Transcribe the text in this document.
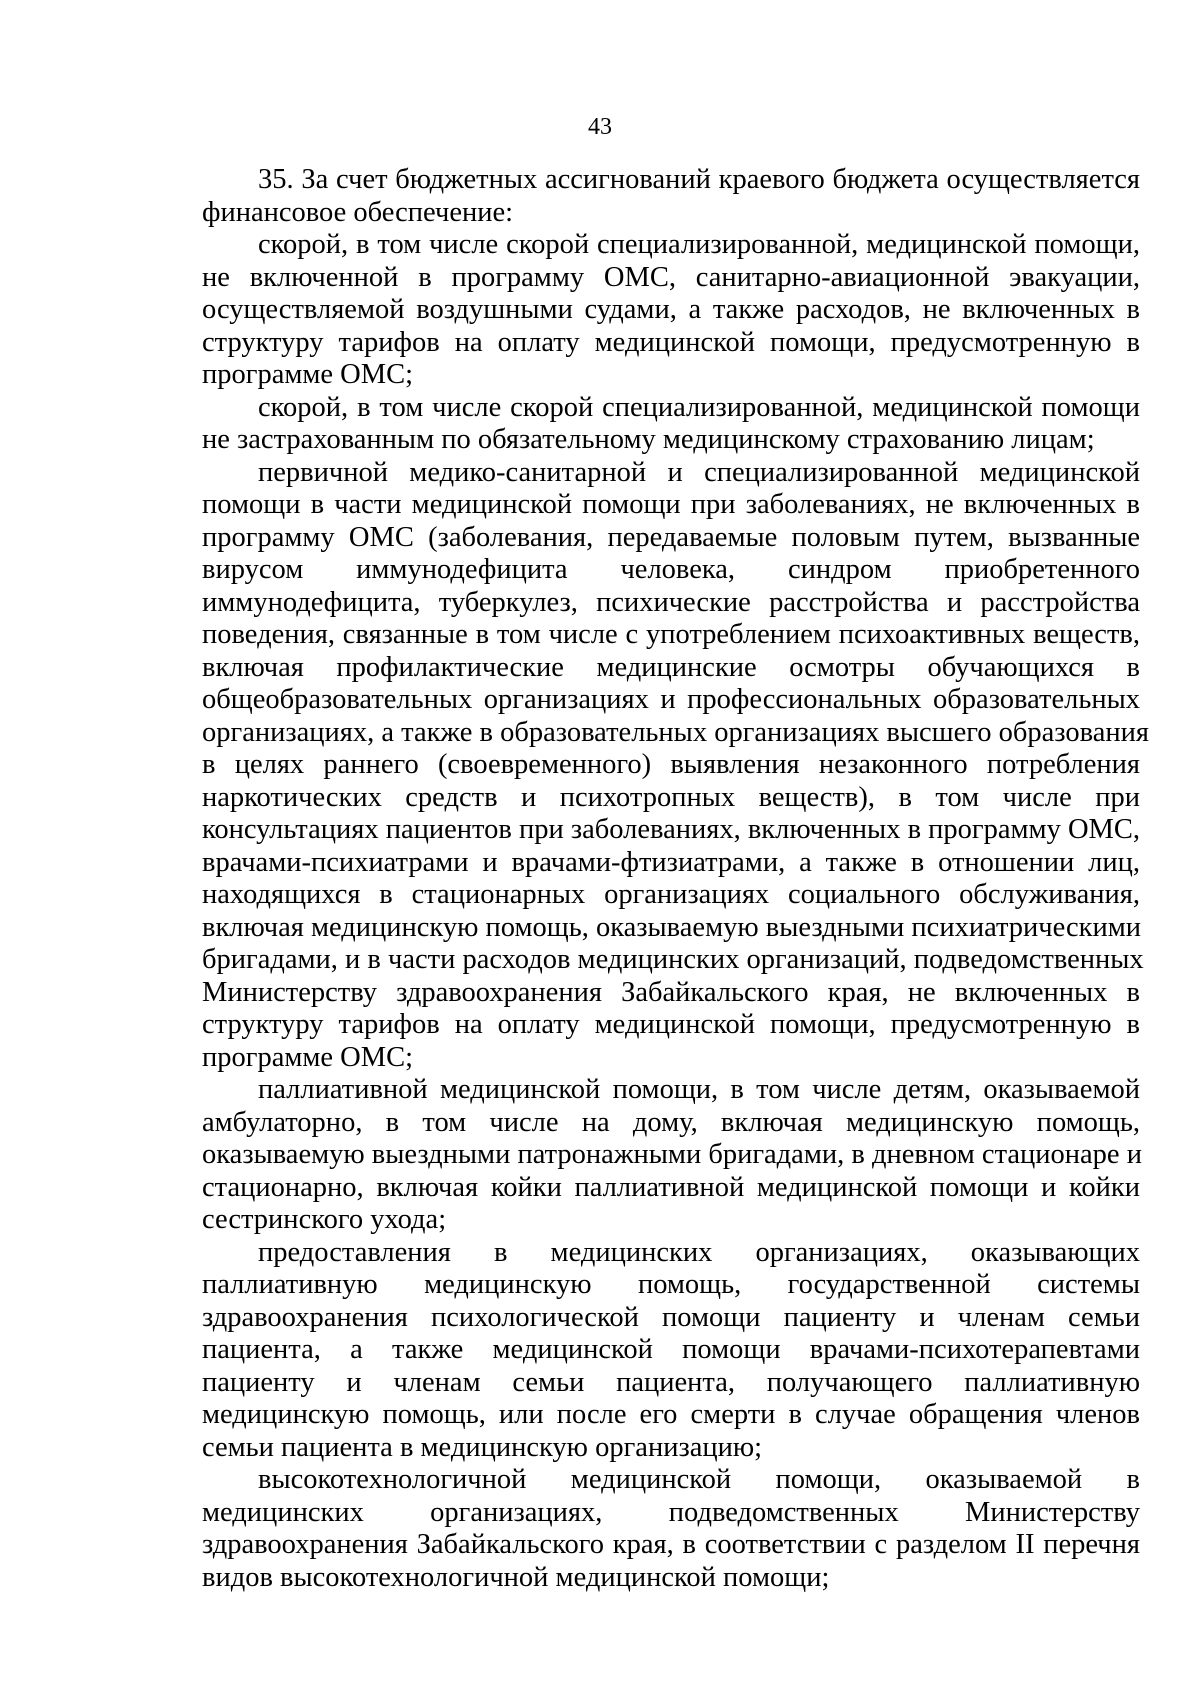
43
35. За счет бюджетных ассигнований краевого бюджета осуществляется
финансовое обеспечение:
скорой, в том числе скорой специализированной, медицинской помощи,
не включенной в программу ОМС, санитарно-авиационной эвакуации,
осуществляемой воздушными судами, а также расходов, не включенных в
структуру тарифов на оплату медицинской помощи, предусмотренную в
программе ОМС;
скорой, в том числе скорой специализированной, медицинской помощи
не застрахованным по обязательному медицинскому страхованию лицам;
первичной медико-санитарной и специализированной медицинской
помощи в части медицинской помощи при заболеваниях, не включенных в
программу ОМС (заболевания, передаваемые половым путем, вызванные
вирусом иммунодефицита человека, синдром приобретенного
иммунодефицита, туберкулез, психические расстройства и расстройства
поведения, связанные в том числе с употреблением психоактивных веществ,
включая профилактические медицинские осмотры обучающихся в
общеобразовательных организациях и профессиональных образовательных
организациях, а также в образовательных организациях высшего образования
в целях раннего (своевременного) выявления незаконного потребления
наркотических средств и психотропных веществ), в том числе при
консультациях пациентов при заболеваниях, включенных в программу ОМС,
врачами-психиатрами и врачами-фтизиатрами, а также в отношении лиц,
находящихся в стационарных организациях социального обслуживания,
включая медицинскую помощь, оказываемую выездными психиатрическими
бригадами, и в части расходов медицинских организаций, подведомственных
Министерству здравоохранения Забайкальского края, не включенных в
структуру тарифов на оплату медицинской помощи, предусмотренную в
программе ОМС;
паллиативной медицинской помощи, в том числе детям, оказываемой
амбулаторно, в том числе на дому, включая медицинскую помощь,
оказываемую выездными патронажными бригадами, в дневном стационаре и
стационарно, включая койки паллиативной медицинской помощи и койки
сестринского ухода;
предоставления в медицинских организациях, оказывающих
паллиативную медицинскую помощь, государственной системы
здравоохранения психологической помощи пациенту и членам семьи
пациента, а также медицинской помощи врачами-психотерапевтами
пациенту и членам семьи пациента, получающего паллиативную
медицинскую помощь, или после его смерти в случае обращения членов
семьи пациента в медицинскую организацию;
высокотехнологичной медицинской помощи, оказываемой в
медицинских организациях, подведомственных Министерству
здравоохранения Забайкальского края, в соответствии с разделом II перечня
видов высокотехнологичной медицинской помощи;
